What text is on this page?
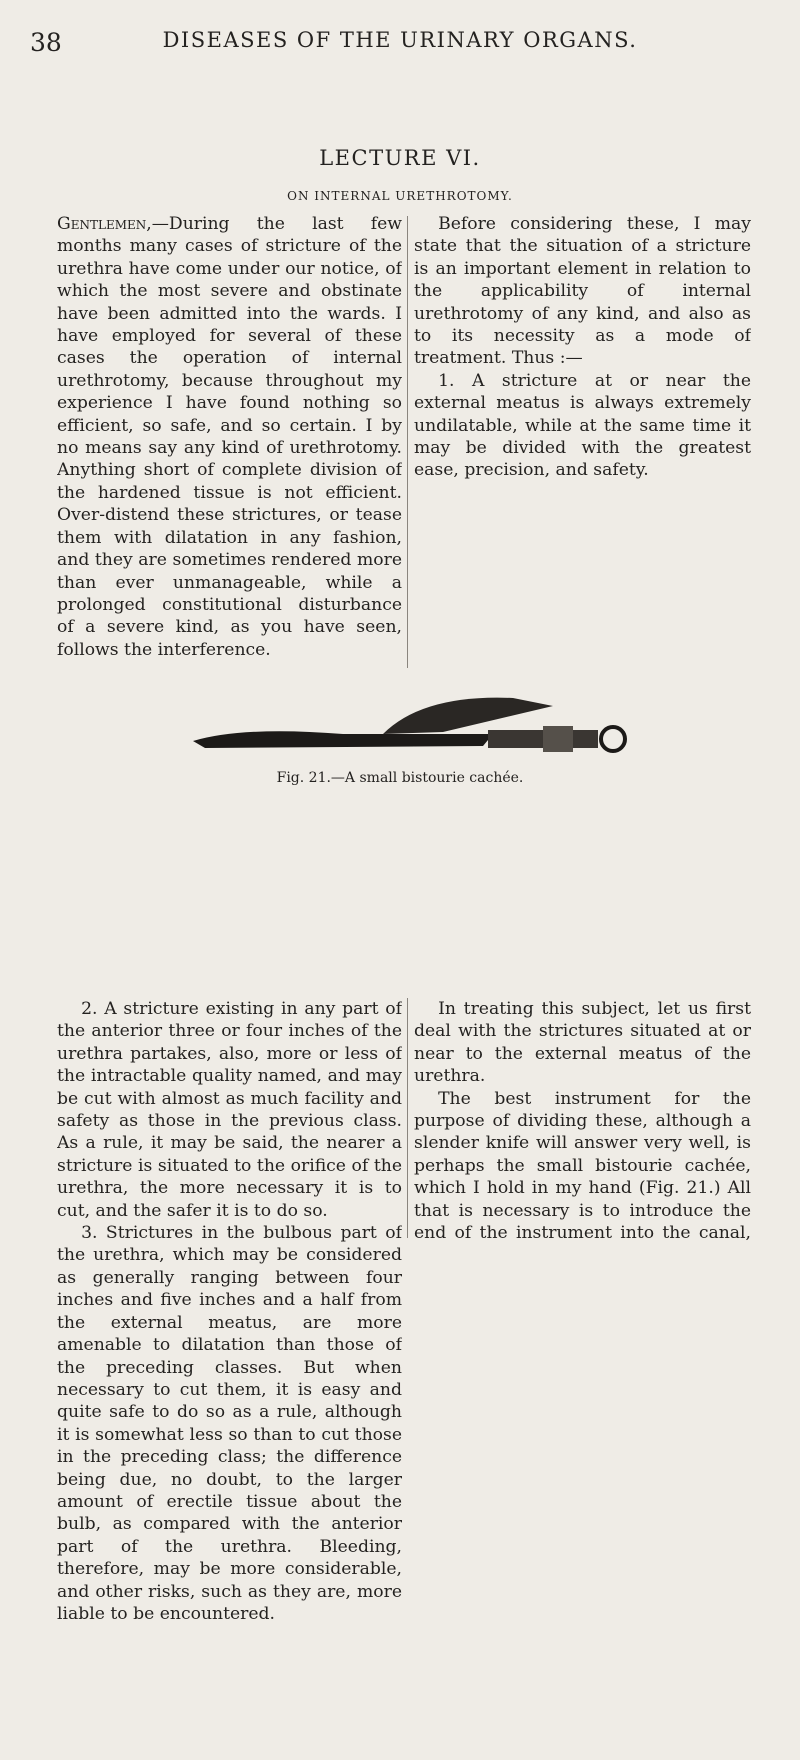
38	DISEASES OF THE URINARY ORGANS.
LECTURE VI.
ON INTERNAL URETHROTOMY.

Gentlemen,—During the last few months many cases of stricture of the urethra have come under our notice, of which the most severe and obstinate have been admitted into the wards. I have employed for several of these cases the operation of internal urethrotomy, because throughout my experience I have found nothing so efficient, so safe, and so certain. I by no means say any kind of urethrotomy. Anything short of complete division of the hardened tissue is not efficient. Over-distend these strictures, or tease them with dilatation in any fashion, and they are sometimes rendered more than ever unmanageable, while a prolonged constitutional disturbance of a severe kind, as you have seen, follows the interference.

Before considering these, I may state that the situation of a stricture is an important element in relation to the applicability of internal urethrotomy of any kind, and also as to its necessity as a mode of treatment. Thus :—

1. A stricture at or near the external meatus is always extremely undilatable, while at the same time it may be divided with the greatest ease, precision, and safety.

Fig. 21.—A small bistourie cachée.

2. A stricture existing in any part of the anterior three or four inches of the urethra partakes, also, more or less of the intractable quality named, and may be cut with almost as much facility and safety as those in the previous class. As a rule, it may be said, the nearer a stricture is situated to the orifice of the urethra, the more necessary it is to cut, and the safer it is to do so.

3. Strictures in the bulbous part of the urethra, which may be considered as generally ranging between four inches and five inches and a half from the external meatus, are more amenable to dilatation than those of the preceding classes. But when necessary to cut them, it is easy and quite safe to do so as a rule, although it is somewhat less so than to cut those in the preceding class; the difference being due, no doubt, to the larger amount of erectile tissue about the bulb, as compared with the anterior part of the urethra. Bleeding, therefore, may be more considerable, and other risks, such as they are, more liable to be encountered.

In treating this subject, let us first deal with the strictures situated at or near to the external meatus of the urethra.

The best instrument for the purpose of dividing these, although a slender knife will answer very well, is perhaps the small bistourie cachée, which I hold in my hand (Fig. 21.) All that is necessary is to introduce the end of the instrument into the canal,
